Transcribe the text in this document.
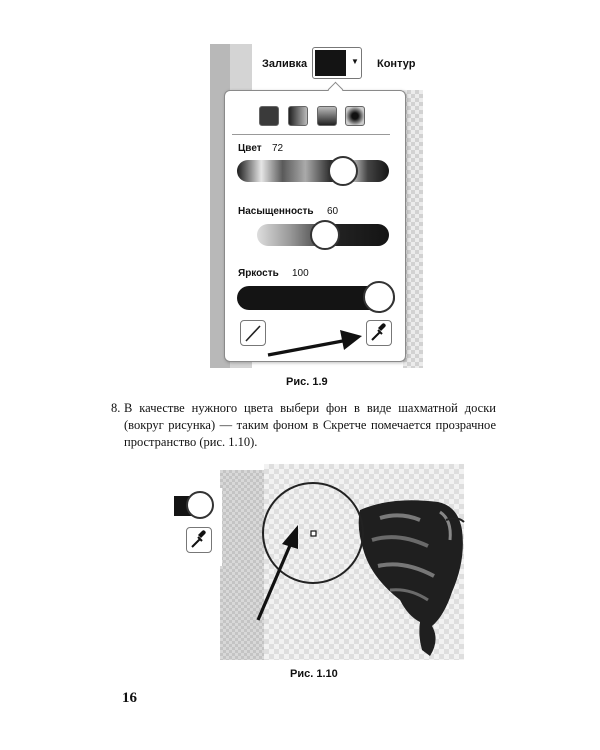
Заливка	▼ Контур
Цвет 72
Насыщенность 60
Яркость 100
Рис. 1.9
8. В качестве нужного цвета выбери фон в виде шахматной доски (вокруг рисунка) — таким фоном в Скретче помечается прозрачное пространство (рис. 1.10).
Рис. 1.10
16
